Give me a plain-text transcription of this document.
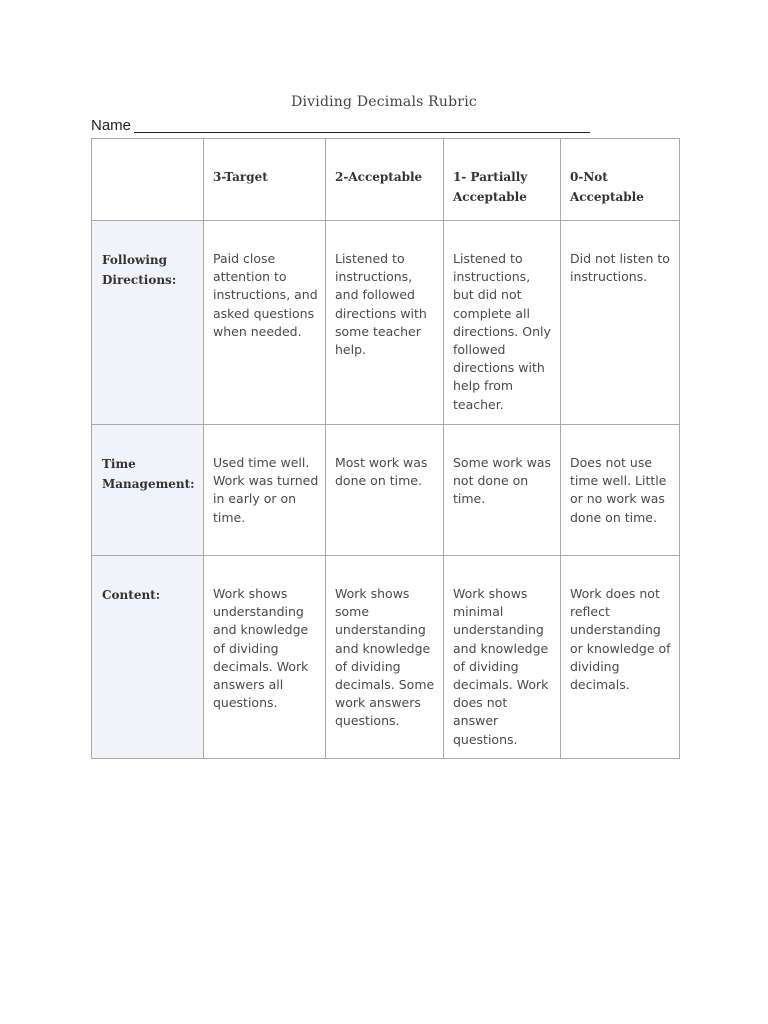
Dividing Decimals Rubric
Name

	3-Target	2-Acceptable	1- Partially Acceptable	0-Not Acceptable

Following Directions:	Paid close attention to instructions, and asked questions when needed.	Listened to instructions, and followed directions with some teacher help.	Listened to instructions, but did not complete all directions. Only followed directions with help from teacher.	Did not listen to instructions.

Time Management:	Used time well. Work was turned in early or on time.	Most work was done on time.	Some work was not done on time.	Does not use time well. Little or no work was done on time.

Content:	Work shows understanding and knowledge of dividing decimals. Work answers all questions.	Work shows some understanding and knowledge of dividing decimals. Some work answers questions.	Work shows minimal understanding and knowledge of dividing decimals. Work does not answer questions.	Work does not reflect understanding or knowledge of dividing decimals.
